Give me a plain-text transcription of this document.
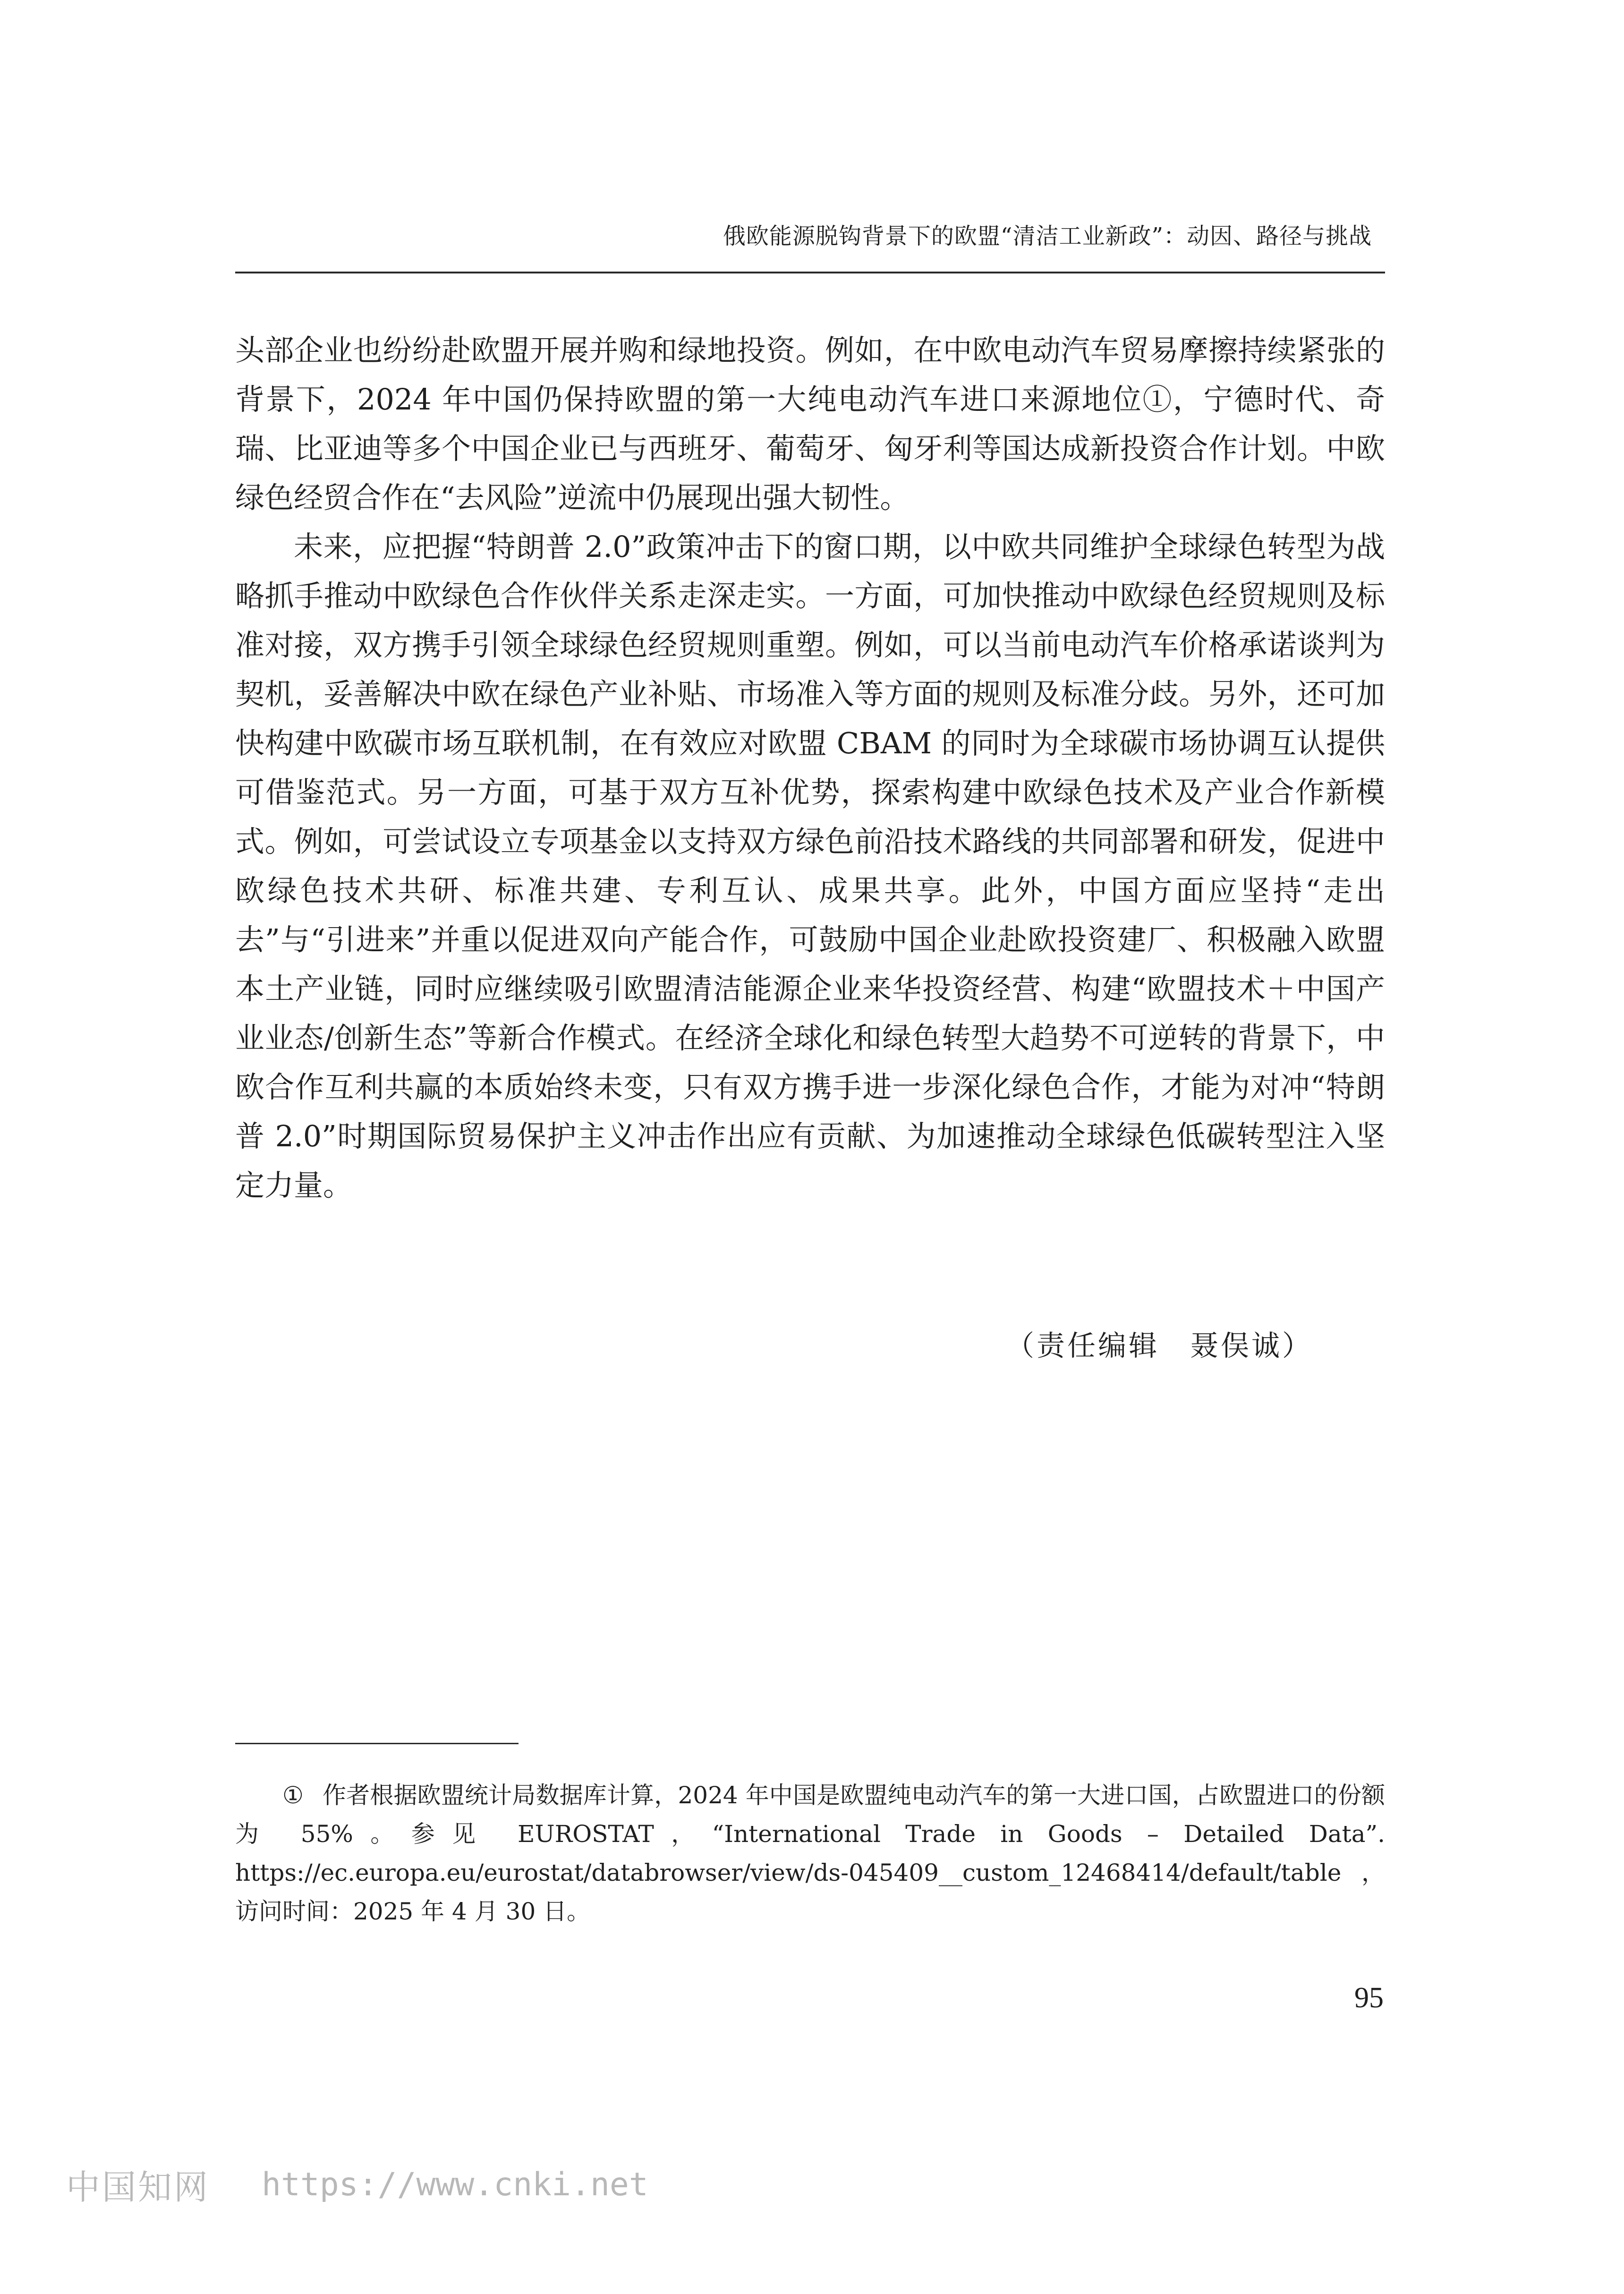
俄欧能源脱钩背景下的欧盟“清洁工业新政”：动因、路径与挑战

头部企业也纷纷赴欧盟开展并购和绿地投资。例如，在中欧电动汽车贸易摩擦持续紧张的背景下，2024 年中国仍保持欧盟的第一大纯电动汽车进口来源地位①，宁德时代、奇瑞、比亚迪等多个中国企业已与西班牙、葡萄牙、匈牙利等国达成新投资合作计划。中欧绿色经贸合作在“去风险”逆流中仍展现出强大韧性。

未来，应把握“特朗普 2.0”政策冲击下的窗口期，以中欧共同维护全球绿色转型为战略抓手推动中欧绿色合作伙伴关系走深走实。一方面，可加快推动中欧绿色经贸规则及标准对接，双方携手引领全球绿色经贸规则重塑。例如，可以当前电动汽车价格承诺谈判为契机，妥善解决中欧在绿色产业补贴、市场准入等方面的规则及标准分歧。另外，还可加快构建中欧碳市场互联机制，在有效应对欧盟 CBAM 的同时为全球碳市场协调互认提供可借鉴范式。另一方面，可基于双方互补优势，探索构建中欧绿色技术及产业合作新模式。例如，可尝试设立专项基金以支持双方绿色前沿技术路线的共同部署和研发，促进中欧绿色技术共研、标准共建、专利互认、成果共享。此外，中国方面应坚持“走出去”与“引进来”并重以促进双向产能合作，可鼓励中国企业赴欧投资建厂、积极融入欧盟本土产业链，同时应继续吸引欧盟清洁能源企业来华投资经营、构建“欧盟技术＋中国产业业态/创新生态”等新合作模式。在经济全球化和绿色转型大趋势不可逆转的背景下，中欧合作互利共赢的本质始终未变，只有双方携手进一步深化绿色合作，才能为对冲“特朗普 2.0”时期国际贸易保护主义冲击作出应有贡献、为加速推动全球绿色低碳转型注入坚定力量。

（责任编辑　聂俣诚）

① 作者根据欧盟统计局数据库计算，2024 年中国是欧盟纯电动汽车的第一大进口国，占欧盟进口的份额为 55%。参见 EUROSTAT，“International Trade in Goods – Detailed Data”. https://ec.europa.eu/eurostat/databrowser/view/ds-045409__custom_12468414/default/table，访问时间：2025 年 4 月 30 日。

95
中国知网 https://www.cnki.net
